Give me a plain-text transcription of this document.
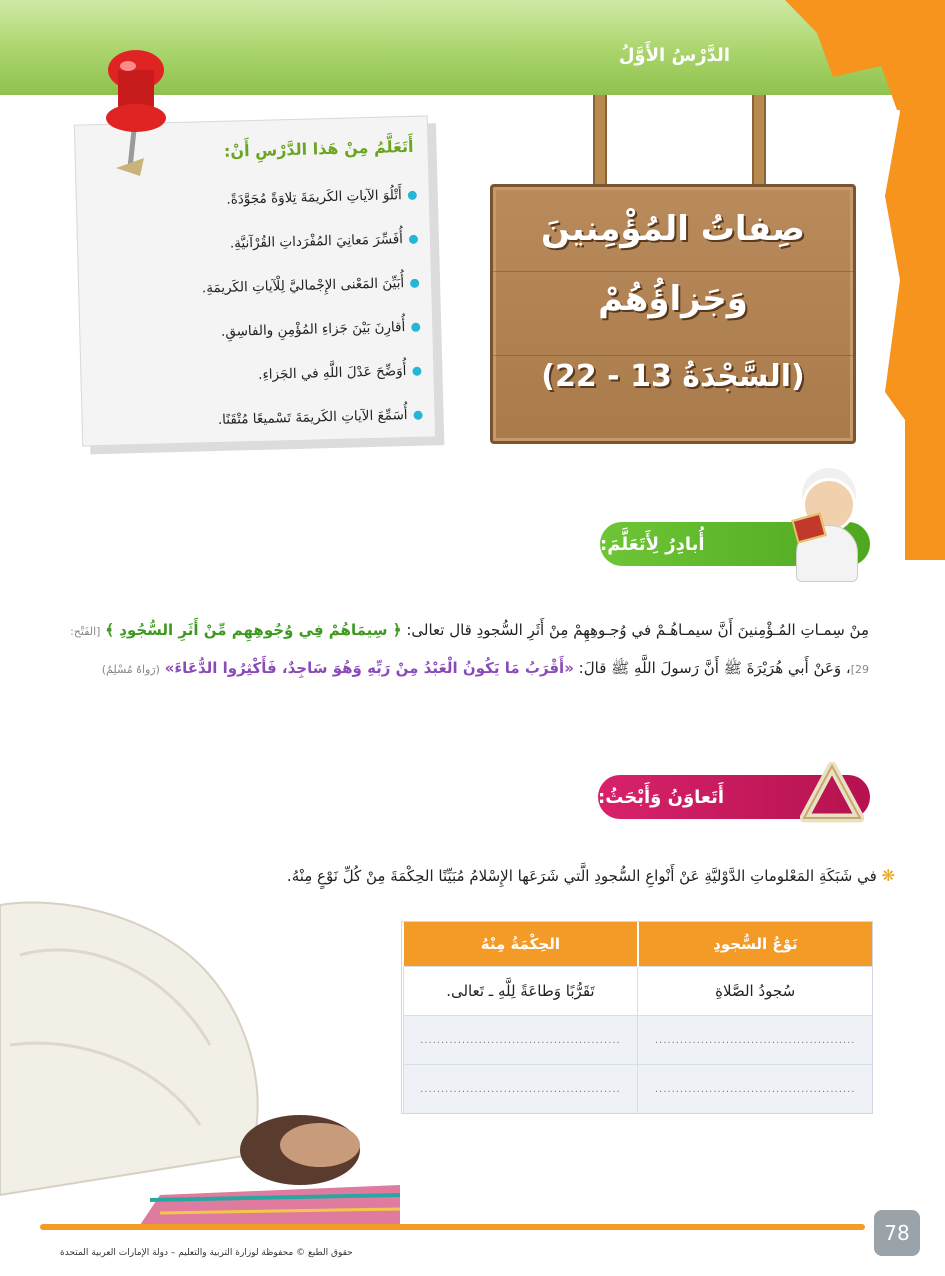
الدَّرْسُ الأَوَّلُ
أَتَعَلَّمُ مِنْ هَذا الدَّرْسِ أَنْ:
أَتْلُوَ الآياتِ الكَريمَةَ تِلاوَةً مُجَوَّدَةً.
أُفَسِّرَ مَعانِيَ المُفْرَداتِ القُرْآنيَّةِ.
أُبَيِّنَ المَعْنى الإِجْماليَّ لِلْآياتِ الكَريمَةِ.
أُقارِنَ بَيْنَ جَزاءِ المُؤْمِنِ والفاسِقِ.
أُوَضِّحَ عَدْلَ اللَّهِ في الجَزاءِ.
أُسَمِّعَ الآياتِ الكَريمَةَ تَسْميعًا مُتْقَنًا.
صِفاتُ المُؤْمِنينَ
وَجَزاؤُهُمْ
(السَّجْدَةُ 13 - 22)
أُبادِرُ لِأَتَعَلَّمَ:
مِنْ سِمـاتِ المُـؤْمِنينَ أَنَّ سيمـاهُـمْ في وُجـوهِهِمْ مِنْ أَثَرِ السُّجودِ قال تعالى: ﴿ سِيمَاهُمْ فِي وُجُوهِهِم مِّنْ أَثَرِ السُّجُودِ ﴾ [الفَتْح: 29]، وَعَنْ أَبي هُرَيْرَةَ ﷺ أَنَّ رَسولَ اللَّهِ ﷺ قالَ: «أَقْرَبُ مَا يَكُونُ الْعَبْدُ مِنْ رَبِّهِ وَهُوَ سَاجِدٌ، فَأَكْثِرُوا الدُّعَاءَ» (رَواهُ مُسْلِمٌ)
أَتَعاوَنُ وَأَبْحَثُ:
❋ في شَبَكَةِ المَعْلوماتِ الدَّوْليَّةِ عَنْ أَنْواعِ السُّجودِ الَّتي شَرَعَها الإِسْلامُ مُبَيِّنًا الحِكْمَةَ مِنْ كُلِّ نَوْعٍ مِنْهُ.
نَوْعُ السُّجودِ	الحِكْمَةُ مِنْهُ
سُجودُ الصَّلاةِ	تَقَرُّبًا وَطاعَةً لِلَّهِ ـ تَعالى.
................................................	................................................
................................................	................................................
78
حقوق الطبع © محفوظة لوزارة التربية والتعليم – دولة الإمارات العربية المتحدة
